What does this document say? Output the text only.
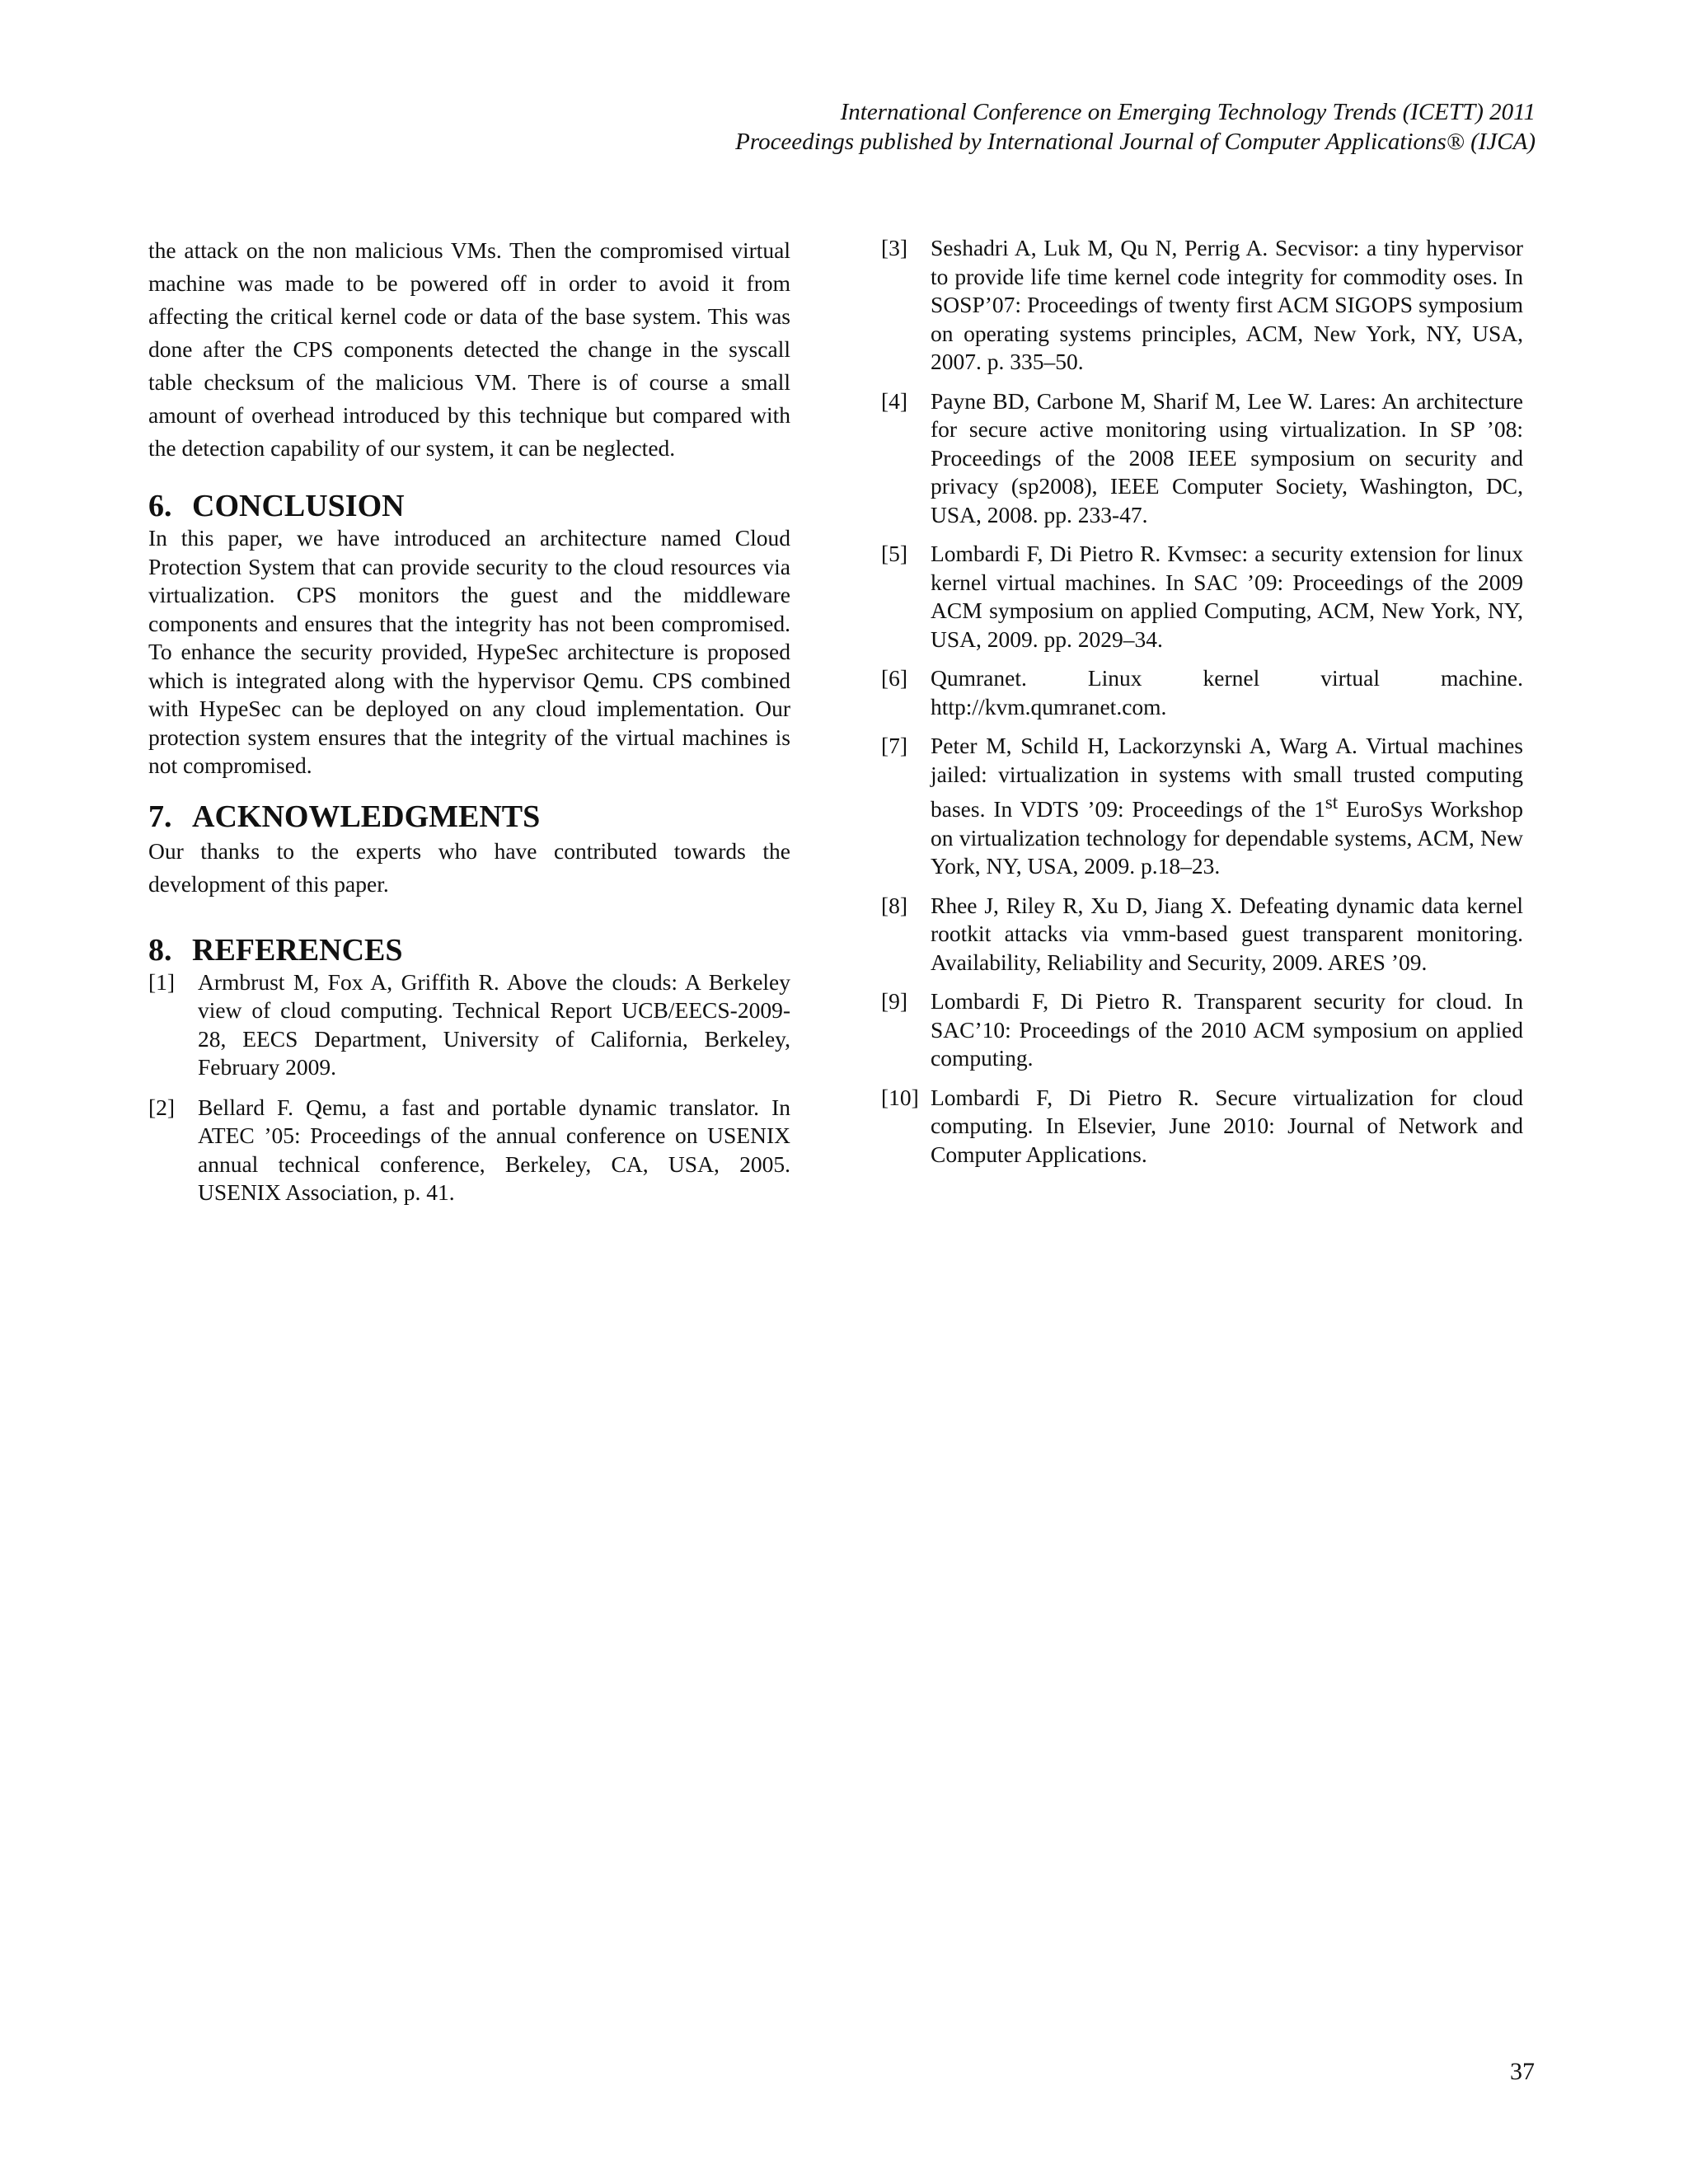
International Conference on Emerging Technology Trends (ICETT) 2011
Proceedings published by International Journal of Computer Applications® (IJCA)

the attack on the non malicious VMs. Then the compromised virtual machine was made to be powered off in order to avoid it from affecting the critical kernel code or data of the base system. This was done after the CPS components detected the change in the syscall table checksum of the malicious VM. There is of course a small amount of overhead introduced by this technique but compared with the detection capability of our system, it can be neglected.

6. CONCLUSION

In this paper, we have introduced an architecture named Cloud Protection System that can provide security to the cloud resources via virtualization. CPS monitors the guest and the middleware components and ensures that the integrity has not been compromised. To enhance the security provided, HypeSec architecture is proposed which is integrated along with the hypervisor Qemu. CPS combined with HypeSec can be deployed on any cloud implementation. Our protection system ensures that the integrity of the virtual machines is not compromised.

7. ACKNOWLEDGMENTS

Our thanks to the experts who have contributed towards the development of this paper.

8. REFERENCES
[1]	Armbrust M, Fox A, Griffith R. Above the clouds: A Berkeley view of cloud computing. Technical Report UCB/EECS-2009-28, EECS Department, University of California, Berkeley, February 2009.
[2]	Bellard F. Qemu, a fast and portable dynamic translator. In ATEC ’05: Proceedings of the annual conference on USENIX annual technical conference, Berkeley, CA, USA, 2005. USENIX Association, p. 41.
[3]	Seshadri A, Luk M, Qu N, Perrig A. Secvisor: a tiny hypervisor to provide life time kernel code integrity for commodity oses. In SOSP’07: Proceedings of twenty first ACM SIGOPS symposium on operating systems principles, ACM, New York, NY, USA, 2007. p. 335–50.
[4]	Payne BD, Carbone M, Sharif M, Lee W. Lares: An architecture for secure active monitoring using virtualization. In SP ’08: Proceedings of the 2008 IEEE symposium on security and privacy (sp2008), IEEE Computer Society, Washington, DC, USA, 2008. pp. 233-47.
[5]	Lombardi F, Di Pietro R. Kvmsec: a security extension for linux kernel virtual machines. In SAC ’09: Proceedings of the 2009 ACM symposium on applied Computing, ACM, New York, NY, USA, 2009. pp. 2029–34.
[6]	Qumranet. Linux kernel virtual machine. http://kvm.qumranet.com.
[7]	Peter M, Schild H, Lackorzynski A, Warg A. Virtual machines jailed: virtualization in systems with small trusted computing bases. In VDTS ’09: Proceedings of the 1st EuroSys Workshop on virtualization technology for dependable systems, ACM, New York, NY, USA, 2009. p.18–23.
[8]	Rhee J, Riley R, Xu D, Jiang X. Defeating dynamic data kernel rootkit attacks via vmm-based guest transparent monitoring. Availability, Reliability and Security, 2009. ARES ’09.
[9]	Lombardi F, Di Pietro R. Transparent security for cloud. In SAC’10: Proceedings of the 2010 ACM symposium on applied computing.
[10] Lombardi F, Di Pietro R. Secure virtualization for cloud computing. In Elsevier, June 2010: Journal of Network and Computer Applications.
37
